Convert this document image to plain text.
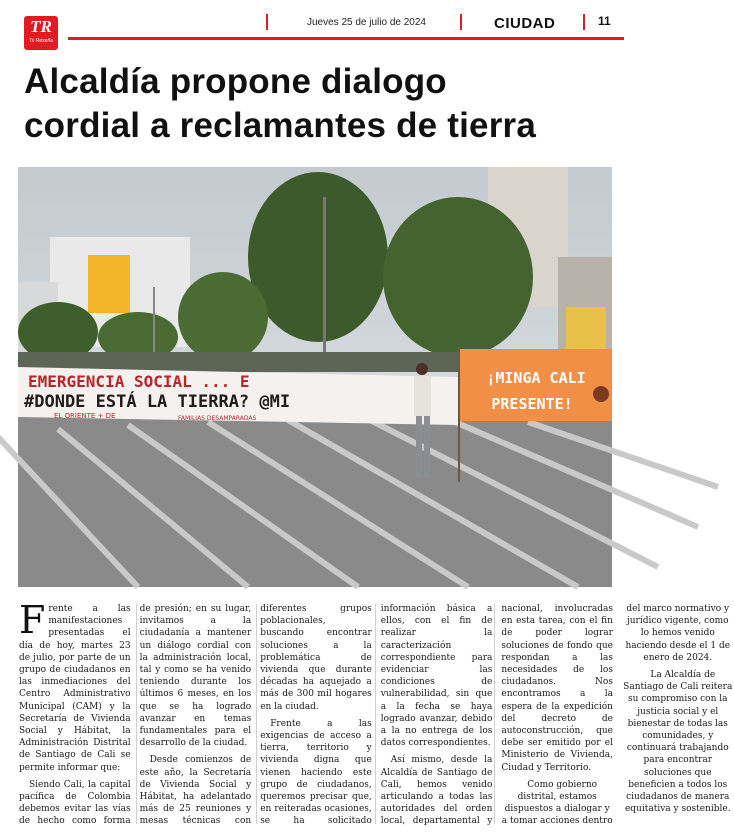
TR
Tu Reseña
Jueves 25 de julio de 2024	CIUDAD	11
Alcaldía propone dialogo
cordial a reclamantes de tierra
EMERGENCIA SOCIAL ... E
#DONDE ESTÁ LA TIERRA? @MI
EL ORIENTE + DE	FAMILIAS DESAMPARADAS
¡MINGA CALI
PRESENTE!

Frente a las manifestaciones presentadas el día de hoy, martes 23 de julio, por parte de un grupo de ciudadanos en las inmediaciones del Centro Administrativo Municipal (CAM) y la Secretaría de Vivienda Social y Hábitat, la Administración Distrital de Santiago de Cali se permite informar que:

Siendo Cali, la capital pacífica de Colombia debemos evitar las vías de hecho como forma de presión; en su lugar, invitamos a la ciudadanía a mantener un diálogo cordial con la administración local, tal y como se ha venido teniendo durante los últimos 6 meses, en los que se ha logrado avanzar en temas fundamentales para el desarrollo de la ciudad.

Desde comienzos de este año, la Secretaría de Vivienda Social y Hábitat, ha adelantado más de 25 reuniones y mesas técnicas con diferentes grupos poblacionales, buscando encontrar soluciones a la problemática de vivienda que durante décadas ha aquejado a más de 300 mil hogares en la ciudad.

Frente a las exigencias de acceso a tierra, territorio y vivienda digna que vienen haciendo este grupo de ciudadanos, queremos precisar que, en reiteradas ocasiones, se ha solicitado información básica a ellos, con el fin de realizar la caracterización correspondiente para evidenciar las condiciones de vulnerabilidad, sin que a la fecha se haya logrado avanzar, debido a la no entrega de los datos correspondientes.

Así mismo, desde la Alcaldía de Santiago de Cali, hemos venido articulando a todas las autoridades del orden local, departamental y nacional, involucradas en esta tarea, con el fin de poder lograr soluciones de fondo que respondan a las necesidades de los ciudadanos. Nos encontramos a la espera de la expedición del decreto de autoconstrucción, que debe ser emitido por el Ministerio de Vivienda, Ciudad y Territorio.

Como gobierno distrital, estamos dispuestos a dialogar y a tomar acciones dentro del marco normativo y jurídico vigente, como lo hemos venido haciendo desde el 1 de enero de 2024.

La Alcaldía de Santiago de Cali reitera su compromiso con la justicia social y el bienestar de todas las comunidades, y continuará trabajando para encontrar soluciones que beneficien a todos los ciudadanos de manera equitativa y sostenible.
